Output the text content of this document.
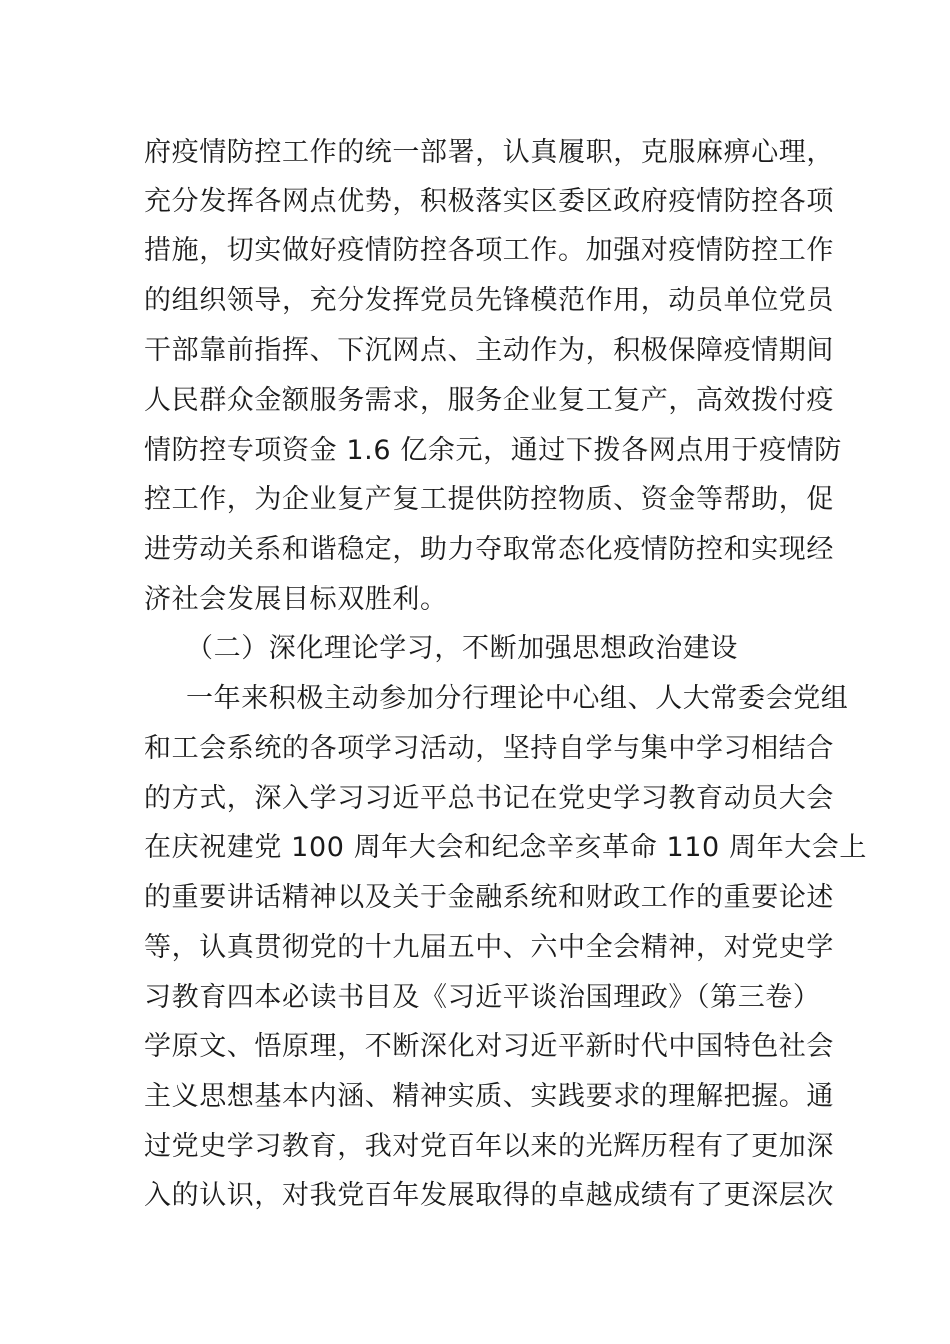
府疫情防控工作的统一部署，认真履职，克服麻痹心理，
充分发挥各网点优势，积极落实区委区政府疫情防控各项
措施，切实做好疫情防控各项工作。加强对疫情防控工作
的组织领导，充分发挥党员先锋模范作用，动员单位党员
干部靠前指挥、下沉网点、主动作为，积极保障疫情期间
人民群众金额服务需求，服务企业复工复产，高效拨付疫
情防控专项资金 1.6 亿余元，通过下拨各网点用于疫情防
控工作，为企业复产复工提供防控物质、资金等帮助，促
进劳动关系和谐稳定，助力夺取常态化疫情防控和实现经
济社会发展目标双胜利。
（二）深化理论学习，不断加强思想政治建设
一年来积极主动参加分行理论中心组、人大常委会党组
和工会系统的各项学习活动，坚持自学与集中学习相结合
的方式，深入学习习近平总书记在党史学习教育动员大会
在庆祝建党 100 周年大会和纪念辛亥革命 110 周年大会上
的重要讲话精神以及关于金融系统和财政工作的重要论述
等，认真贯彻党的十九届五中、六中全会精神，对党史学
习教育四本必读书目及《习近平谈治国理政》（第三卷）
学原文、悟原理，不断深化对习近平新时代中国特色社会
主义思想基本内涵、精神实质、实践要求的理解把握。通
过党史学习教育，我对党百年以来的光辉历程有了更加深
入的认识，对我党百年发展取得的卓越成绩有了更深层次
